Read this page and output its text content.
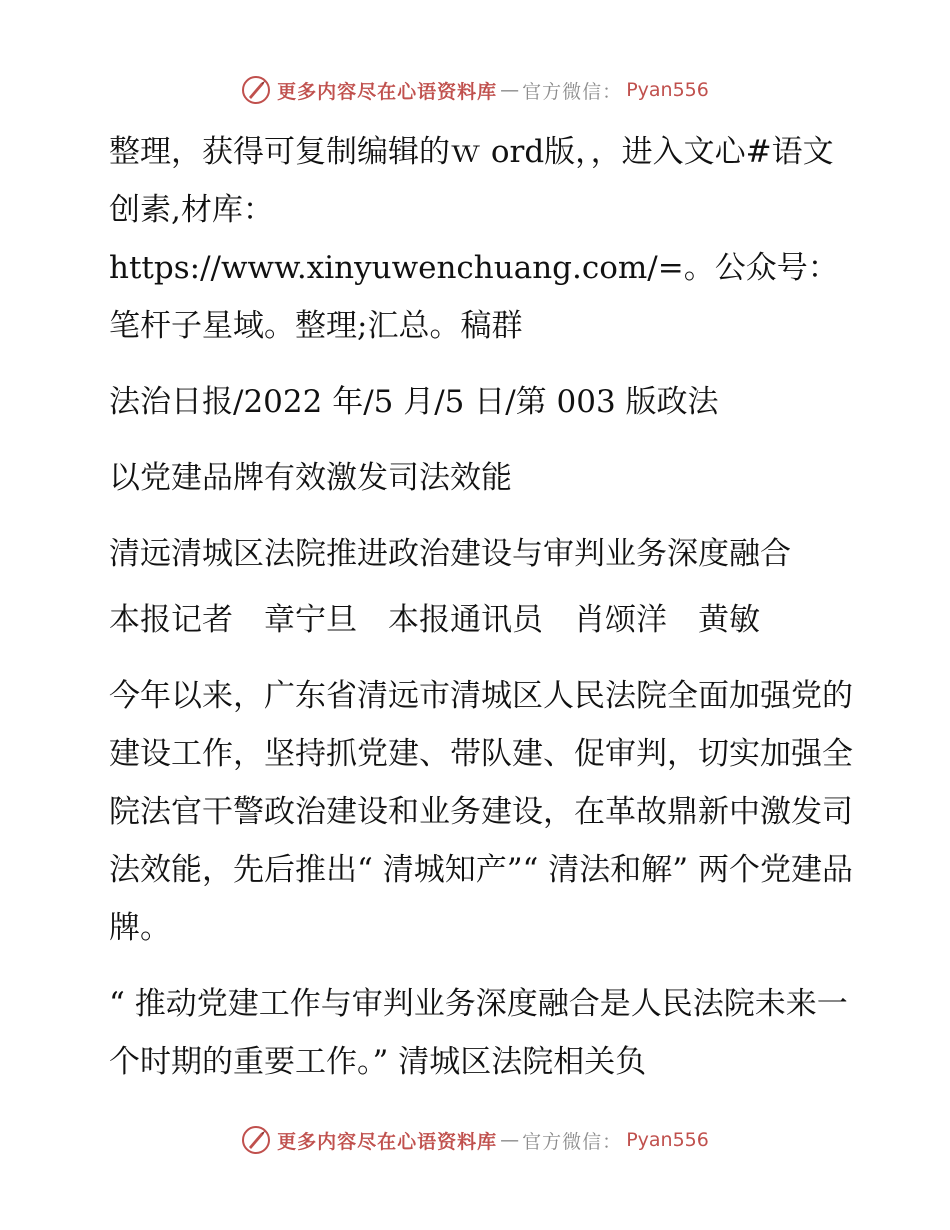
更多内容尽在心语资料库 — 官方微信： Pyan556

整理，获得可复制编辑的ｗ ord版，，进入文心#语文创素,材库：https://www.xinyuwenchuang.com/=。公众号：笔杆子星域。整理;汇总。稿群

法治日报/2022 年/5 月/5 日/第 003 版政法

以党建品牌有效激发司法效能

清远清城区法院推进政治建设与审判业务深度融合

本报记者　章宁旦　本报通讯员　肖颂洋　黄敏

今年以来，广东省清远市清城区人民法院全面加强党的建设工作，坚持抓党建、带队建、促审判，切实加强全院法官干警政治建设和业务建设，在革故鼎新中激发司法效能，先后推出“ 清城知产”“ 清法和解” 两个党建品牌。

“ 推动党建工作与审判业务深度融合是人民法院未来一个时期的重要工作。” 清城区法院相关负

更多内容尽在心语资料库 — 官方微信： Pyan556
